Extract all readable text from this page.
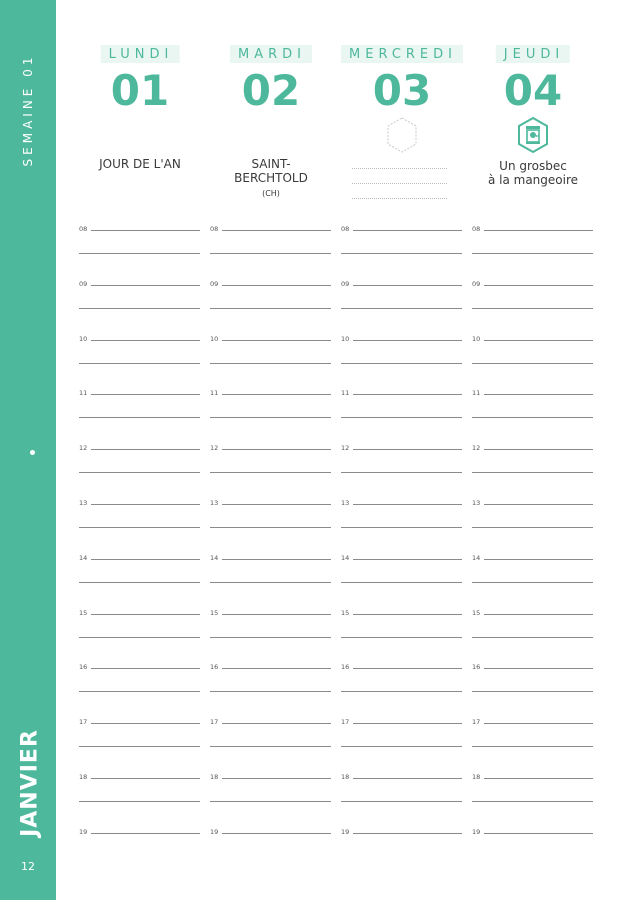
SEMAINE 01
JANVIER
12
LUNDI
01
JOUR DE L'AN
MARDI
02
SAINT-
BERCHTOLD
(CH)
MERCREDI
03
JEUDI
04
Un grosbec
à la mangeoire
08	08	08	08
09	09	09	09
10	10	10	10
11	11	11	11
12	12	12	12
13	13	13	13
14	14	14	14
15	15	15	15
16	16	16	16
17	17	17	17
18	18	18	18
19	19	19	19
